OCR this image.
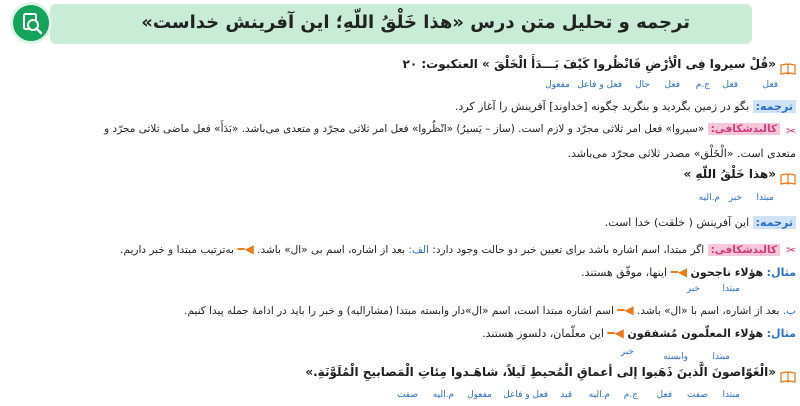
ترجمه و تحلیل متن درس «هذا خَلْقُ اللّهِ؛ این آفرینش خداست»
«قُلْ سیروا فِی الْأرْضِ فَانْظُروا کَیْفَ بَـــدَأَ الْخَلْقَ » العنکبوت: ۲۰
فعل
فعل
ج.م
فعل
حال
فعل و فاعل
مفعول
ترجمه: بگو در زمین بگردید و بنگرید چگونه [خداوند] آفرینش را آغاز کرد.
✂
کالبدشکافی: «سیروا» فعل امر ثلاثی مجرّد و لازم است. (ساز – یَسیرُ) «انْظُروا» فعل امر ثلاثی مجرّد و متعدی می‌باشد. «بَدَأَ» فعل ماضی ثلاثی مجرّد و
متعدی است. «الْخَلْق» مصدر ثلاثی مجرّد می‌باشد.
«هذا خَلْقُ اللّهِ »
مبتدا
خبر
م.الیه
ترجمه: این آفرینش ( خلقت) خدا است.
✂
کالبدشکافی: اگر مبتدا، اسم اشاره باشد برای تعیین خبر دو حالت وجود دارد: الف: بعد از اشاره، اسم بی «ال» باشد. ◀━ به‌ترتیب مبتدا و خبر داریم.
مثال: هؤلاء ناجحون ◀━ اینها، موفّق هستند.
مبتدا
خبر
ب. بعد از اشاره، اسم با «ال» باشد. ◀━ اسم اشاره مبتدا است، اسم «ال»دار وابسته مبتدا (مشارالیه) و خبر را باید در ادامهٔ جمله پیدا کنیم.
مثال: هؤلاء المعلّمون مُشفقون ◀━ این معلّمان، دلسوز هستند.
مبتدا
وابسته
خبر
«الْغَوّاصونَ الَّذینَ ذَهَبوا إلی أعماقِ الْمُحیطِ لَیلاً، شاهَـدوا مِئاتِ الْمَصابیحِ الْمُلَوَّنَةِ.»
مبتدا
صفت
فعل
ج.م
م.الیه
قید
فعل و فاعل
مفعول
م.الیه
صفت
